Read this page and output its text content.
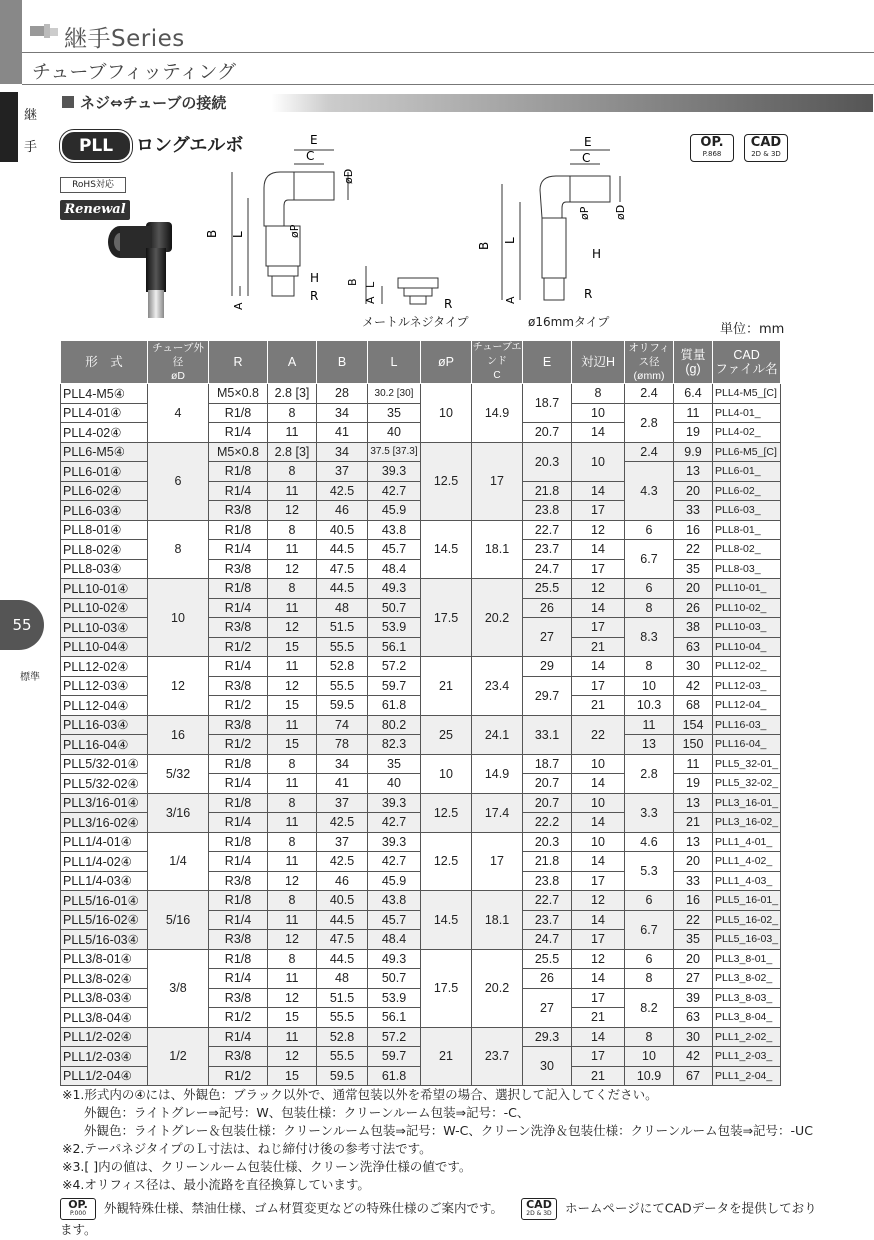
継手Series
チューブフィッティング
継
手
55
標準
ネジ⇔チューブの接続
PLL	ロングエルボ
RoHS対応
Renewal
OP.
P.868
CAD
2D & 3D
E
C
øD
øP
B L
H
R
A
B L
A	R
メートルネジタイプ
E
C
øD
øP
B
L
H
R
A
ø16mmタイプ	単位：mm
形　式	チューブ外径
øD	R	A	B	L	øP	チューブエンド
C	E	対辺H	オリフィス径
(ømm)	質量
(g)	CAD
ファイル名
PLL4-M5④	4	M5×0.8	2.8 [3]	28	30.2 [30]	10	14.9	18.7	8	2.4	6.4	PLL4-M5_[C]
PLL4-01④		R1/8	8	34	35				10	2.8	11	PLL4-01_
PLL4-02④		R1/4	11	41	40			20.7	14		19	PLL4-02_
PLL6-M5④	6	M5×0.8	2.8 [3]	34	37.5 [37.3]	12.5	17	20.3	10	2.4	9.9	PLL6-M5_[C]
PLL6-01④		R1/8	8	37	39.3					4.3	13	PLL6-01_
PLL6-02④		R1/4	11	42.5	42.7			21.8	14		20	PLL6-02_
PLL6-03④		R3/8	12	46	45.9			23.8	17		33	PLL6-03_
PLL8-01④	8	R1/8	8	40.5	43.8	14.5	18.1	22.7	12	6	16	PLL8-01_
PLL8-02④		R1/4	11	44.5	45.7			23.7	14	6.7	22	PLL8-02_
PLL8-03④		R3/8	12	47.5	48.4			24.7	17		35	PLL8-03_
PLL10-01④	10	R1/8	8	44.5	49.3	17.5	20.2	25.5	12	6	20	PLL10-01_
PLL10-02④		R1/4	11	48	50.7			26	14	8	26	PLL10-02_
PLL10-03④		R3/8	12	51.5	53.9			27	17	8.3	38	PLL10-03_
PLL10-04④		R1/2	15	55.5	56.1				21		63	PLL10-04_
PLL12-02④	12	R1/4	11	52.8	57.2	21	23.4	29	14	8	30	PLL12-02_
PLL12-03④		R3/8	12	55.5	59.7			29.7	17	10	42	PLL12-03_
PLL12-04④		R1/2	15	59.5	61.8				21	10.3	68	PLL12-04_
PLL16-03④	16	R3/8	11	74	80.2	25	24.1	33.1	22	11	154	PLL16-03_
PLL16-04④		R1/2	15	78	82.3					13	150	PLL16-04_
PLL5/32-01④	5/32	R1/8	8	34	35	10	14.9	18.7	10	2.8	11	PLL5_32-01_
PLL5/32-02④		R1/4	11	41	40			20.7	14		19	PLL5_32-02_
PLL3/16-01④	3/16	R1/8	8	37	39.3	12.5	17.4	20.7	10	3.3	13	PLL3_16-01_
PLL3/16-02④		R1/4	11	42.5	42.7			22.2	14		21	PLL3_16-02_
PLL1/4-01④	1/4	R1/8	8	37	39.3	12.5	17	20.3	10	4.6	13	PLL1_4-01_
PLL1/4-02④		R1/4	11	42.5	42.7			21.8	14	5.3	20	PLL1_4-02_
PLL1/4-03④		R3/8	12	46	45.9			23.8	17		33	PLL1_4-03_
PLL5/16-01④	5/16	R1/8	8	40.5	43.8	14.5	18.1	22.7	12	6	16	PLL5_16-01_
PLL5/16-02④		R1/4	11	44.5	45.7			23.7	14	6.7	22	PLL5_16-02_
PLL5/16-03④		R3/8	12	47.5	48.4			24.7	17		35	PLL5_16-03_
PLL3/8-01④	3/8	R1/8	8	44.5	49.3	17.5	20.2	25.5	12	6	20	PLL3_8-01_
PLL3/8-02④		R1/4	11	48	50.7			26	14	8	27	PLL3_8-02_
PLL3/8-03④		R3/8	12	51.5	53.9			27	17	8.2	39	PLL3_8-03_
PLL3/8-04④		R1/2	15	55.5	56.1				21		63	PLL3_8-04_
PLL1/2-02④	1/2	R1/4	11	52.8	57.2	21	23.7	29.3	14	8	30	PLL1_2-02_
PLL1/2-03④		R3/8	12	55.5	59.7			30	17	10	42	PLL1_2-03_
PLL1/2-04④		R1/2	15	59.5	61.8				21	10.9	67	PLL1_2-04_
※1.形式内の④には、外観色：ブラック以外で、通常包装以外を希望の場合、選択して記入してください。
外観色：ライトグレー⇒記号：W、包装仕様：クリーンルーム包装⇒記号：-C、
外観色：ライトグレー＆包装仕様：クリーンルーム包装⇒記号：W-C、クリーン洗浄＆包装仕様：クリーンルーム包装⇒記号：-UC
※2.テーパネジタイプのＬ寸法は、ねじ締付け後の参考寸法です。
※3.[ ]内の値は、クリーンルーム包装仕様、クリーン洗浄仕様の値です。
※4.オリフィス径は、最小流路を直径換算しています。
OP.
P.000	外観特殊仕様、禁油仕様、ゴム材質変更などの特殊仕様のご案内です。	CAD
2D & 3D	ホームページにてCADデータを提供しております。
